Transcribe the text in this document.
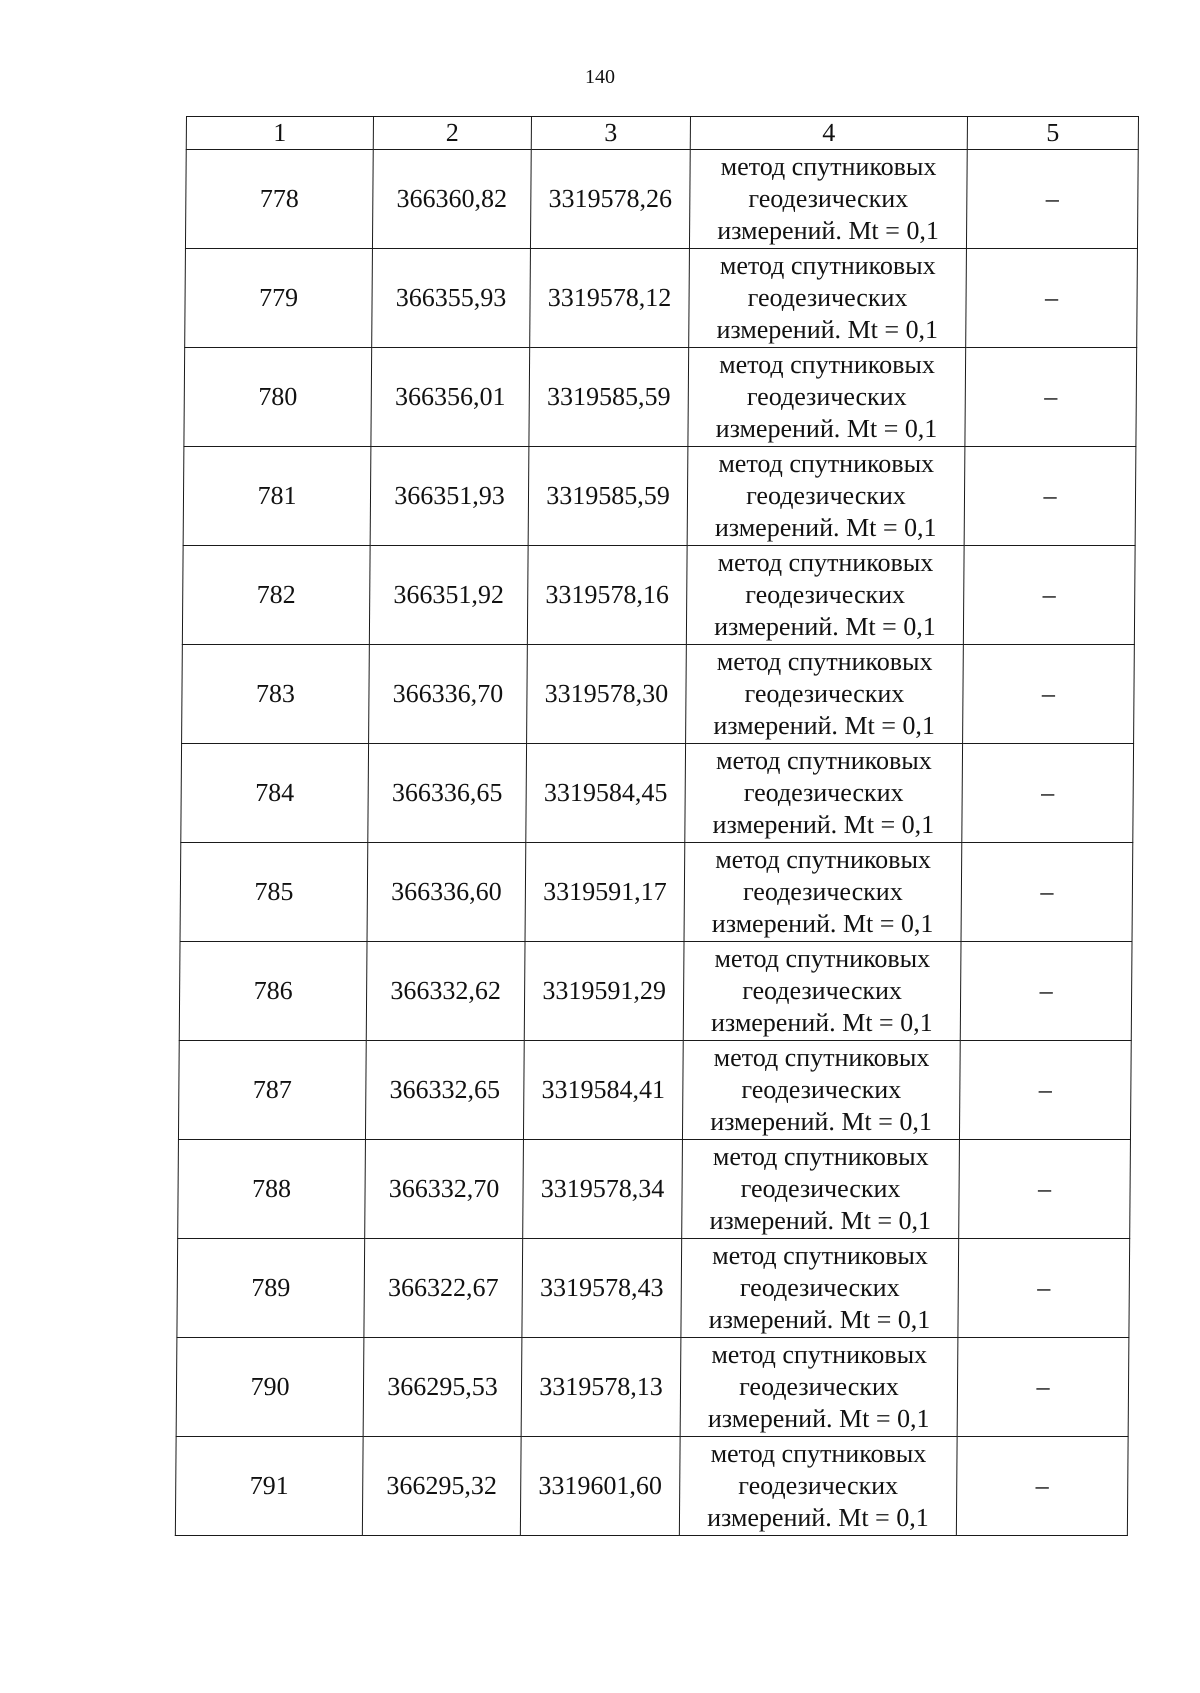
140
1	2	3	4	5
778	366360,82	3319578,26	метод спутниковых
геодезических
измерений. Mt = 0,1	–
779	366355,93	3319578,12	метод спутниковых
геодезических
измерений. Mt = 0,1	–
780	366356,01	3319585,59	метод спутниковых
геодезических
измерений. Mt = 0,1	–
781	366351,93	3319585,59	метод спутниковых
геодезических
измерений. Mt = 0,1	–
782	366351,92	3319578,16	метод спутниковых
геодезических
измерений. Mt = 0,1	–
783	366336,70	3319578,30	метод спутниковых
геодезических
измерений. Mt = 0,1	–
784	366336,65	3319584,45	метод спутниковых
геодезических
измерений. Mt = 0,1	–
785	366336,60	3319591,17	метод спутниковых
геодезических
измерений. Mt = 0,1	–
786	366332,62	3319591,29	метод спутниковых
геодезических
измерений. Mt = 0,1	–
787	366332,65	3319584,41	метод спутниковых
геодезических
измерений. Mt = 0,1	–
788	366332,70	3319578,34	метод спутниковых
геодезических
измерений. Mt = 0,1	–
789	366322,67	3319578,43	метод спутниковых
геодезических
измерений. Mt = 0,1	–
790	366295,53	3319578,13	метод спутниковых
геодезических
измерений. Mt = 0,1	–
791	366295,32	3319601,60	метод спутниковых
геодезических
измерений. Mt = 0,1	–
